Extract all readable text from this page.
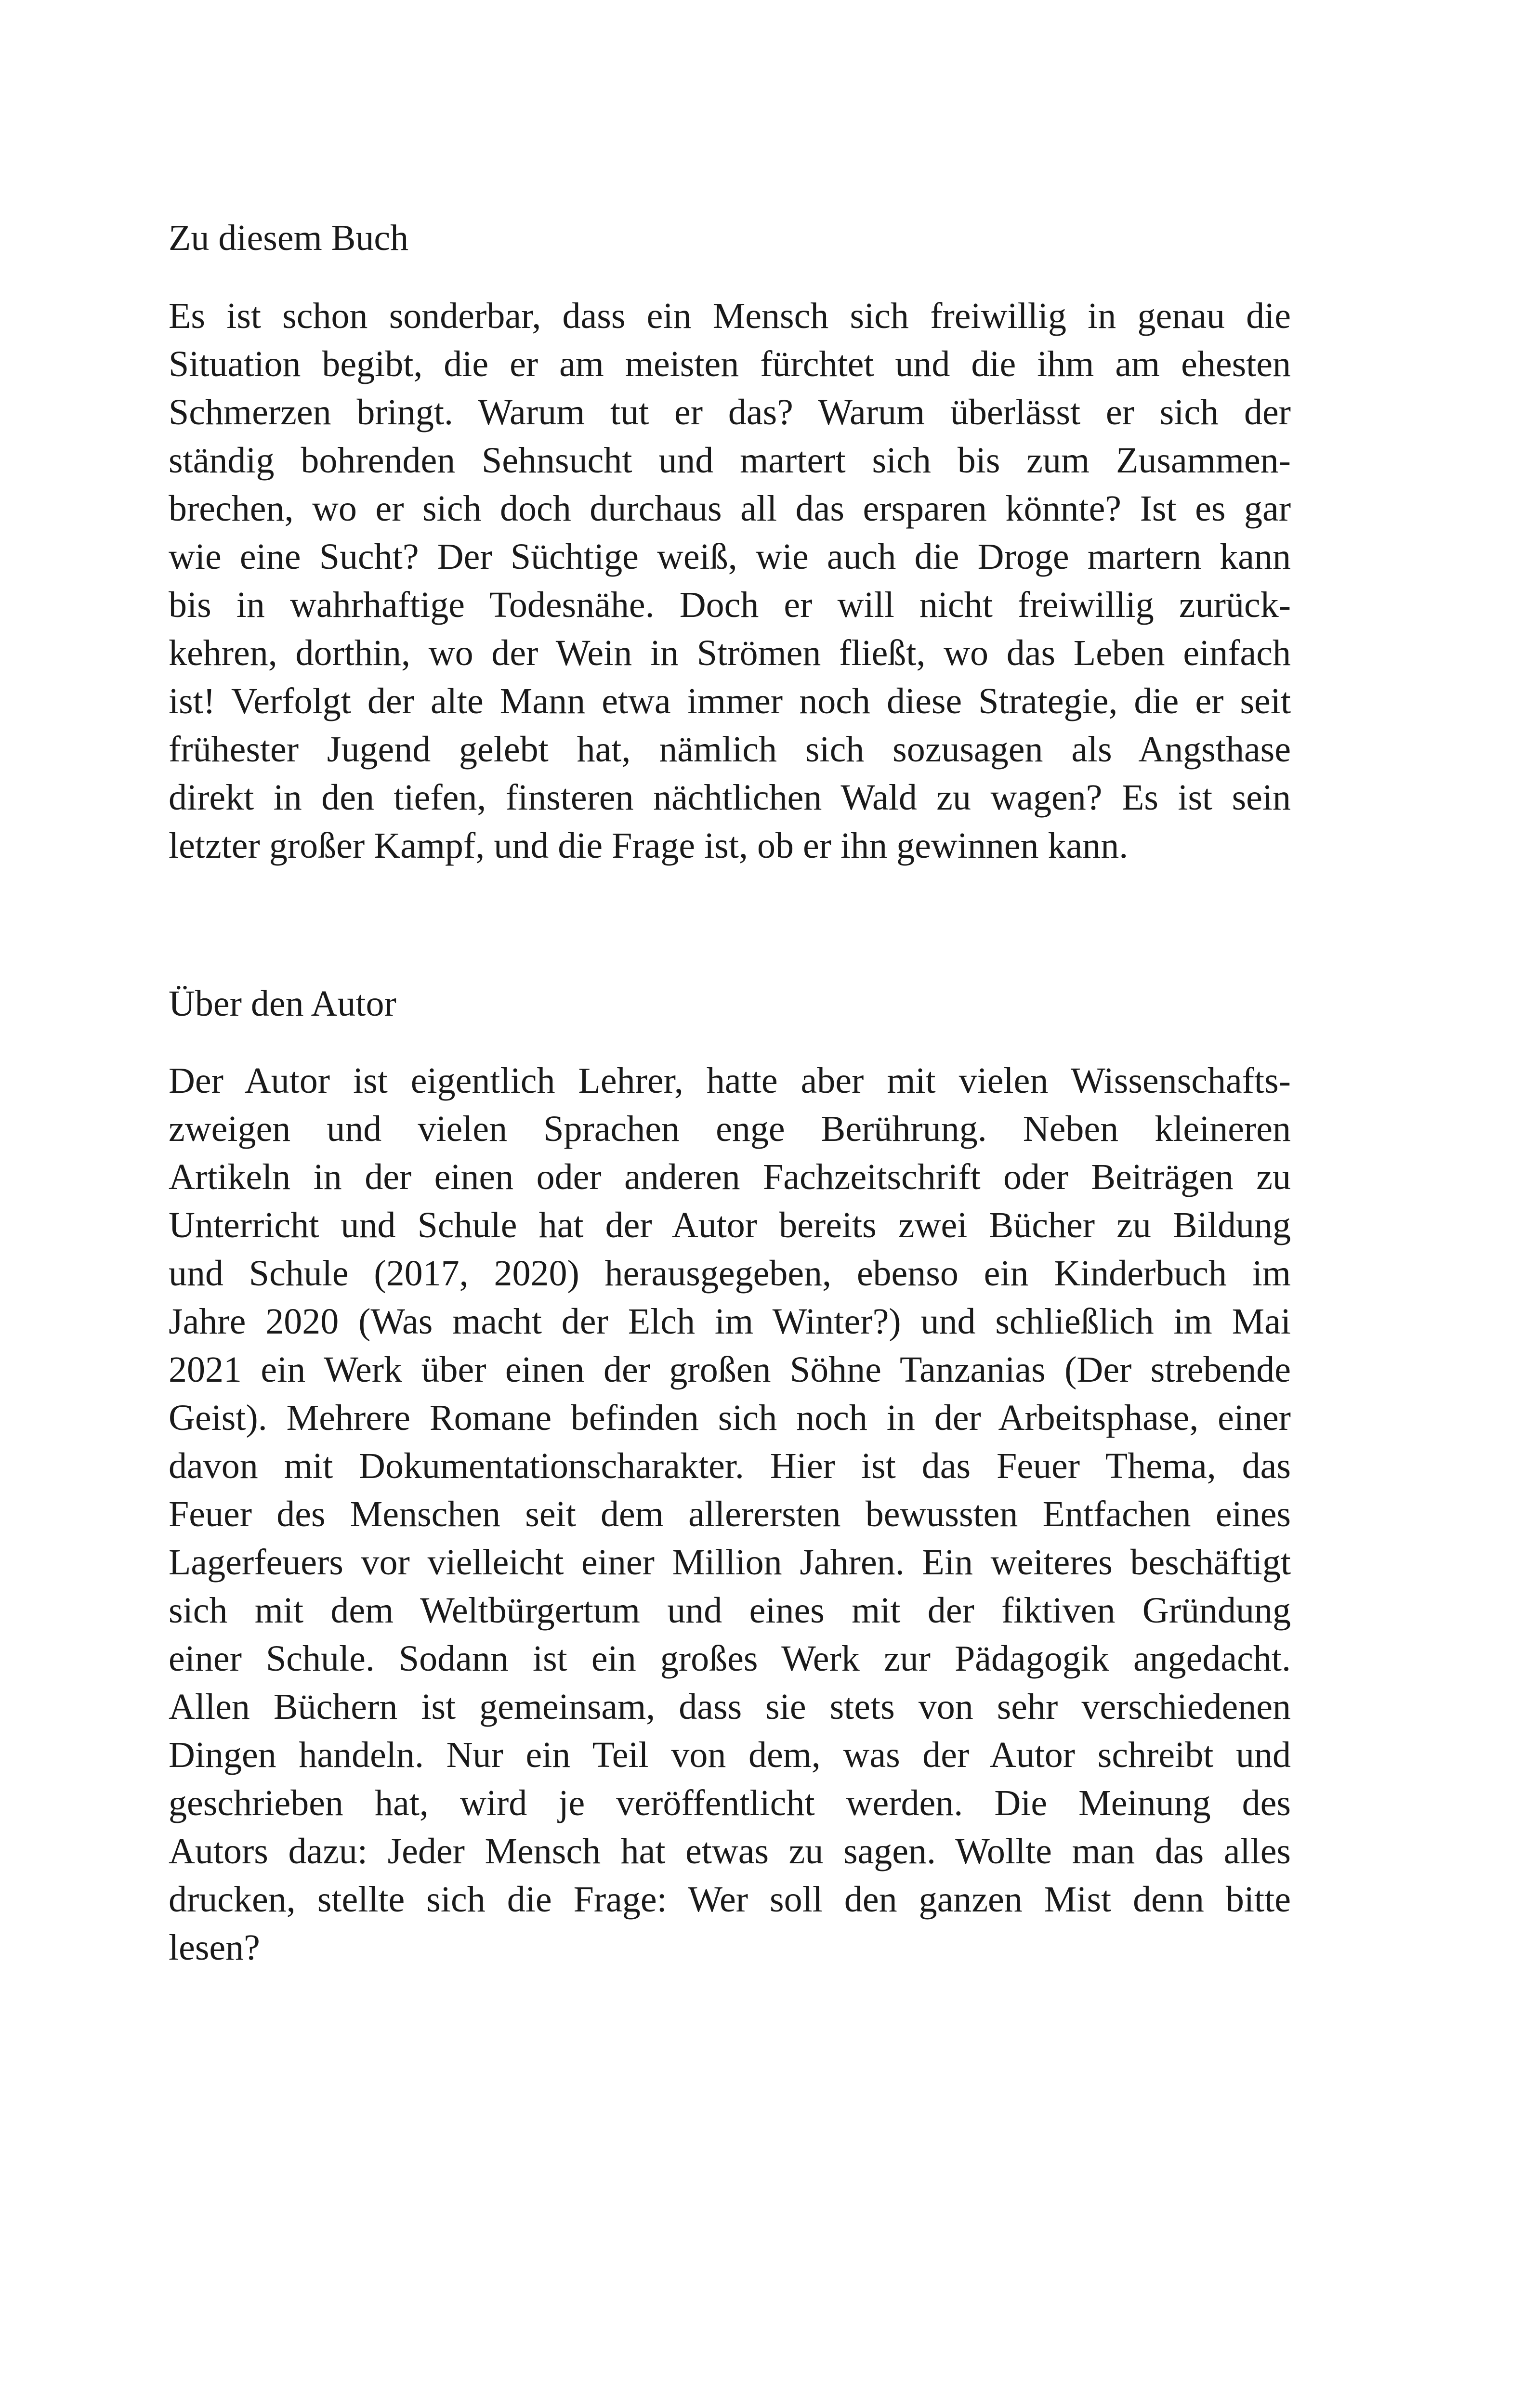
Zu diesem Buch
Es ist schon sonderbar, dass ein Mensch sich freiwillig in genau die
Situation begibt, die er am meisten fürchtet und die ihm am ehesten
Schmerzen bringt. Warum tut er das? Warum überlässt er sich der
ständig bohrenden Sehnsucht und martert sich bis zum Zusammen-
brechen, wo er sich doch durchaus all das ersparen könnte? Ist es gar
wie eine Sucht? Der Süchtige weiß, wie auch die Droge martern kann
bis in wahrhaftige Todesnähe. Doch er will nicht freiwillig zurück-
kehren, dorthin, wo der Wein in Strömen fließt, wo das Leben einfach
ist! Verfolgt der alte Mann etwa immer noch diese Strategie, die er seit
frühester Jugend gelebt hat, nämlich sich sozusagen als Angsthase
direkt in den tiefen, finsteren nächtlichen Wald zu wagen? Es ist sein
letzter großer Kampf, und die Frage ist, ob er ihn gewinnen kann.
Über den Autor
Der Autor ist eigentlich Lehrer, hatte aber mit vielen Wissenschafts-
zweigen und vielen Sprachen enge Berührung. Neben kleineren
Artikeln in der einen oder anderen Fachzeitschrift oder Beiträgen zu
Unterricht und Schule hat der Autor bereits zwei Bücher zu Bildung
und Schule (2017, 2020) herausgegeben, ebenso ein Kinderbuch im
Jahre 2020 (Was macht der Elch im Winter?) und schließlich im Mai
2021 ein Werk über einen der großen Söhne Tanzanias (Der strebende
Geist). Mehrere Romane befinden sich noch in der Arbeitsphase, einer
davon mit Dokumentationscharakter. Hier ist das Feuer Thema, das
Feuer des Menschen seit dem allerersten bewussten Entfachen eines
Lagerfeuers vor vielleicht einer Million Jahren. Ein weiteres beschäftigt
sich mit dem Weltbürgertum und eines mit der fiktiven Gründung
einer Schule. Sodann ist ein großes Werk zur Pädagogik angedacht.
Allen Büchern ist gemeinsam, dass sie stets von sehr verschiedenen
Dingen handeln. Nur ein Teil von dem, was der Autor schreibt und
geschrieben hat, wird je veröffentlicht werden. Die Meinung des
Autors dazu: Jeder Mensch hat etwas zu sagen. Wollte man das alles
drucken, stellte sich die Frage: Wer soll den ganzen Mist denn bitte
lesen?
